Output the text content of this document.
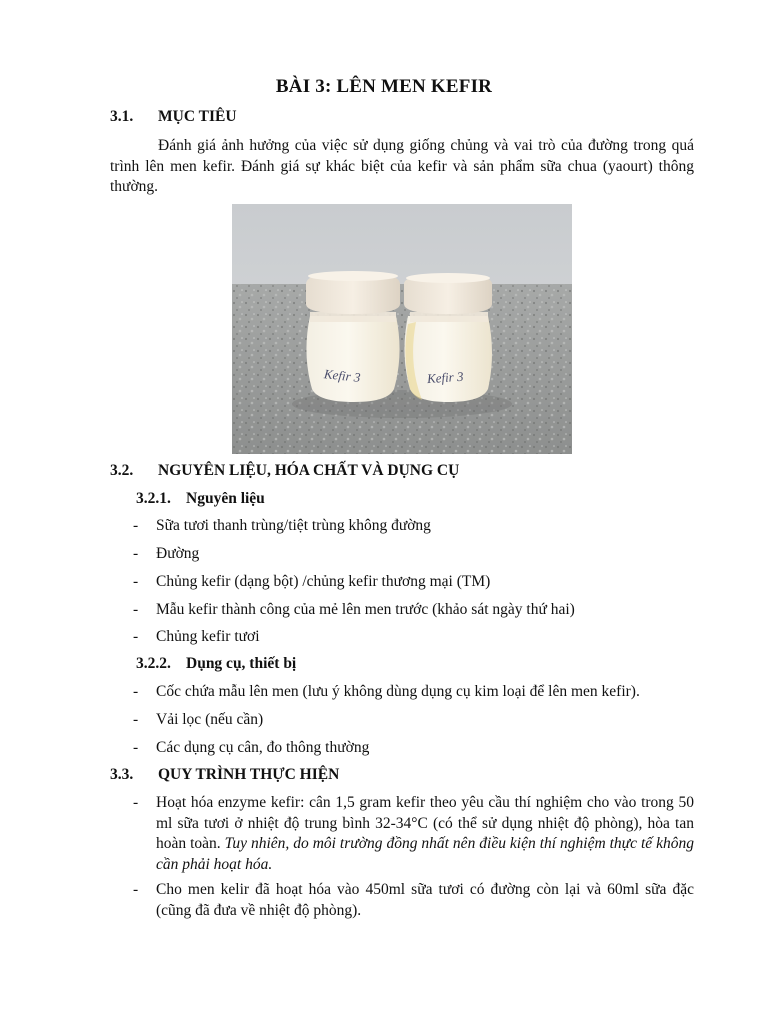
BÀI 3: LÊN MEN KEFIR
3.1. MỤC TIÊU
Đánh giá ảnh hưởng của việc sử dụng giống chủng và vai trò của đường trong quá trình lên men kefir. Đánh giá sự khác biệt của kefir và sản phẩm sữa chua (yaourt) thông thường.
Kefir 3	Kefir 3
3.2. NGUYÊN LIỆU, HÓA CHẤT VÀ DỤNG CỤ
3.2.1. Nguyên liệu
- Sữa tươi thanh trùng/tiệt trùng không đường
- Đường
- Chủng kefir (dạng bột) /chủng kefir thương mại (TM)
- Mẫu kefir thành công của mẻ lên men trước (khảo sát ngày thứ hai)
- Chủng kefir tươi
3.2.2. Dụng cụ, thiết bị
- Cốc chứa mẫu lên men (lưu ý không dùng dụng cụ kim loại để lên men kefir).
- Vải lọc (nếu cần)
- Các dụng cụ cân, đo thông thường
3.3. QUY TRÌNH THỰC HIỆN
- Hoạt hóa enzyme kefir: cân 1,5 gram kefir theo yêu cầu thí nghiệm cho vào trong 50 ml sữa tươi ở nhiệt độ trung bình 32-34°C (có thể sử dụng nhiệt độ phòng), hòa tan hoàn toàn. Tuy nhiên, do môi trường đồng nhất nên điều kiện thí nghiệm thực tế không cần phải hoạt hóa.
- Cho men kelir đã hoạt hóa vào 450ml sữa tươi có đường còn lại và 60ml sữa đặc (cũng đã đưa về nhiệt độ phòng).
